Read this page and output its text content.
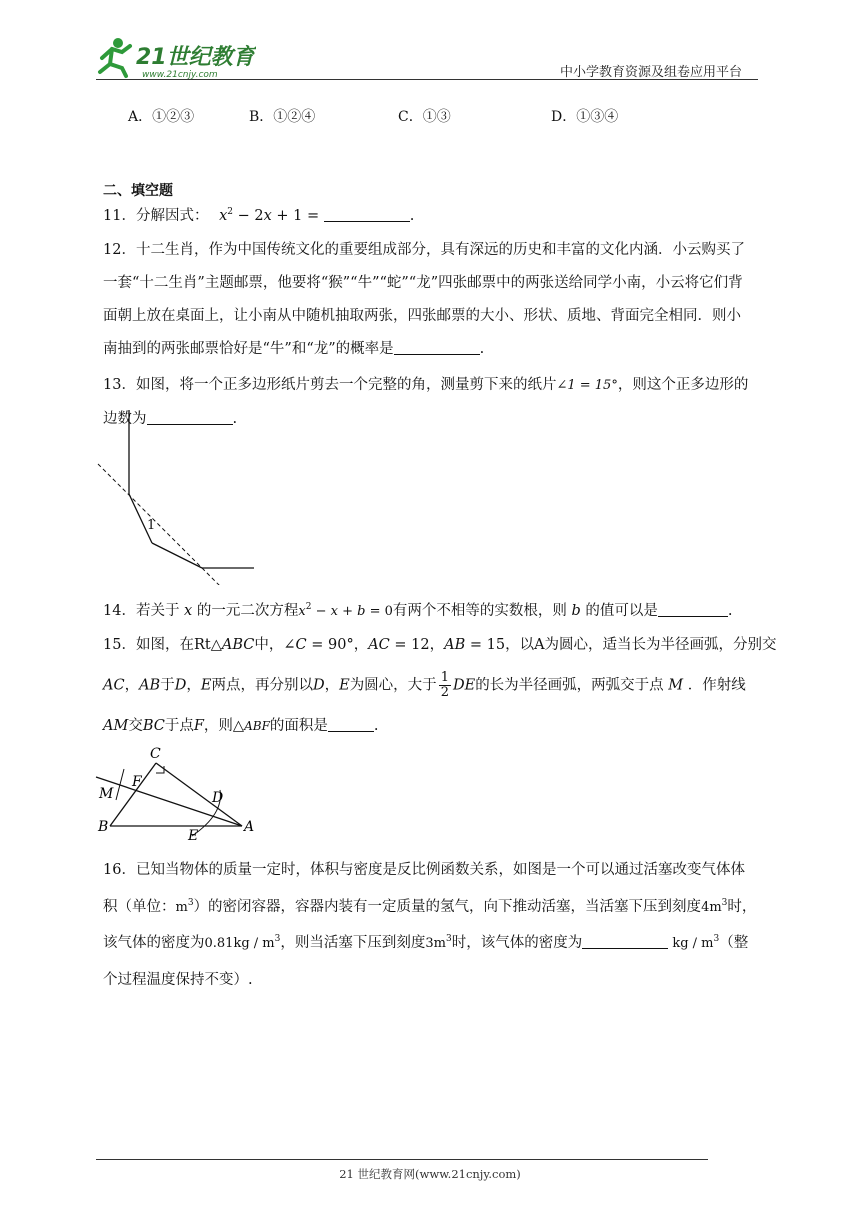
21世纪教育
www.21cnjy.com	中小学教育资源及组卷应用平台
A．①②③	B．①②④	C．①③	D．①③④
二、填空题
11．分解因式： $x^2 - 2x + 1$ =	.
12．十二生肖，作为中国传统文化的重要组成部分，具有深远的历史和丰富的文化内涵．小云购买了
一套“十二生肖”主题邮票，他要将“猴”“牛”“蛇”“龙”四张邮票中的两张送给同学小南，小云将它们背
面朝上放在桌面上，让小南从中随机抽取两张，四张邮票的大小、形状、质地、背面完全相同．则小
南抽到的两张邮票恰好是“牛”和“龙”的概率是	.
13．如图，将一个正多边形纸片剪去一个完整的角，测量剪下来的纸片∠1 = 15°，则这个正多边形的
边数为	.
1
14．若关于 x 的一元二次方程$x^2 - x + b = 0$有两个不相等的实数根，则 b 的值可以是	.
15．如图，在Rt△ABC中，∠C = 90°，AC = 12，AB = 15，以A为圆心，适当长为半径画弧，分别交
AC，AB于D，E两点，再分别以D，E为圆心，大于 $\frac{1}{2}$ DE的长为半径画弧，两弧交于点 M ．作射线
AM交BC于点F，则△ABF的面积是	.
C
F
M	D
B
E
A
16．已知当物体的质量一定时，体积与密度是反比例函数关系，如图是一个可以通过活塞改变气体体
积（单位：$m^3$）的密闭容器，容器内装有一定质量的氢气，向下推动活塞，当活塞下压到刻度$4m^3$时，
该气体的密度为$0.81kg / m^3$，则当活塞下压到刻度$3m^3$时，该气体的密度为	kg / $m^3$（整
个过程温度保持不变）.
21 世纪教育网(www.21cnjy.com)
